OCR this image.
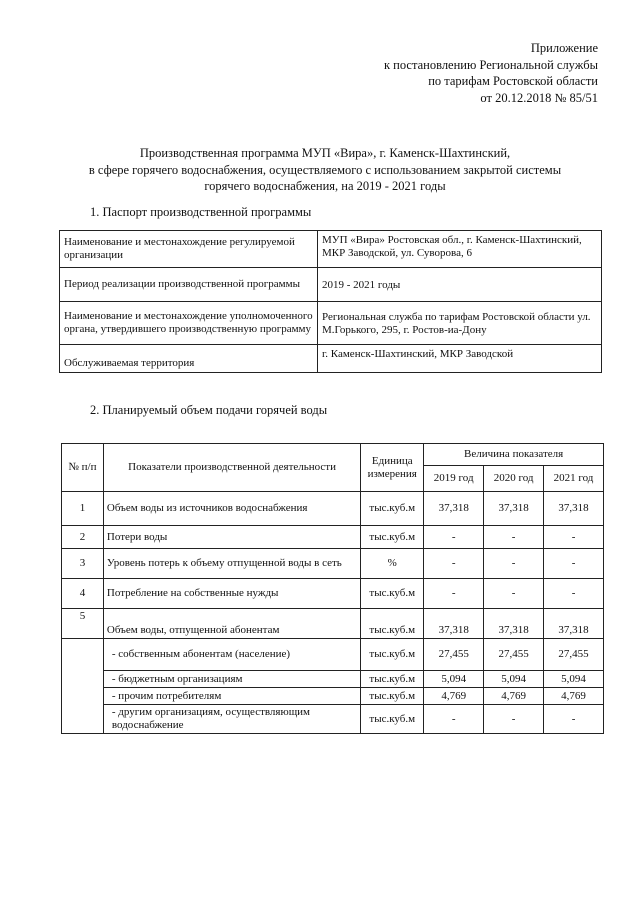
Приложение
к постановлению Региональной службы
по тарифам Ростовской области
от 20.12.2018 № 85/51
Производственная программа МУП «Вира», г. Каменск-Шахтинский,
в сфере горячего водоснабжения, осуществляемого с использованием закрытой системы
горячего водоснабжения, на 2019 - 2021 годы
1. Паспорт производственной программы
Наименование и местонахождение регулируемой организации	МУП «Вира» Ростовская обл., г. Каменск-Шахтинский, МКР Заводской, ул. Суворова, 6
Период реализации производственной программы	2019 - 2021 годы
Наименование и местонахождение уполномоченного органа, утвердившего производственную программу	Региональная служба по тарифам Ростовской области ул. М.Горького, 295, г. Ростов-иа-Дону
Обслуживаемая территория	г. Каменск-Шахтинский, МКР Заводской
2. Планируемый объем подачи горячей воды
№ п/п	Показатели производственной деятельности	Единица измерения	Величина показателя		
			2019 год	2020 год	2021 год
1	Объем воды из источников водоснабжения	тыс.куб.м	37,318	37,318	37,318
2	Потери воды	тыс.куб.м	-	-	-
3	Уровень потерь к объему отпущенной воды в сеть	%	-	-	-
4	Потребление на собственные нужды	тыс.куб.м	-	-	-
5	Объем воды, отпущенной абонентам	тыс.куб.м	37,318	37,318	37,318
	- собственным абонентам (население)	тыс.куб.м	27,455	27,455	27,455
	- бюджетным организациям	тыс.куб.м	5,094	5,094	5,094
	- прочим потребителям	тыс.куб.м	4,769	4,769	4,769
	- другим организациям, осуществляющим водоснабжение	тыс.куб.м	-	-	-
